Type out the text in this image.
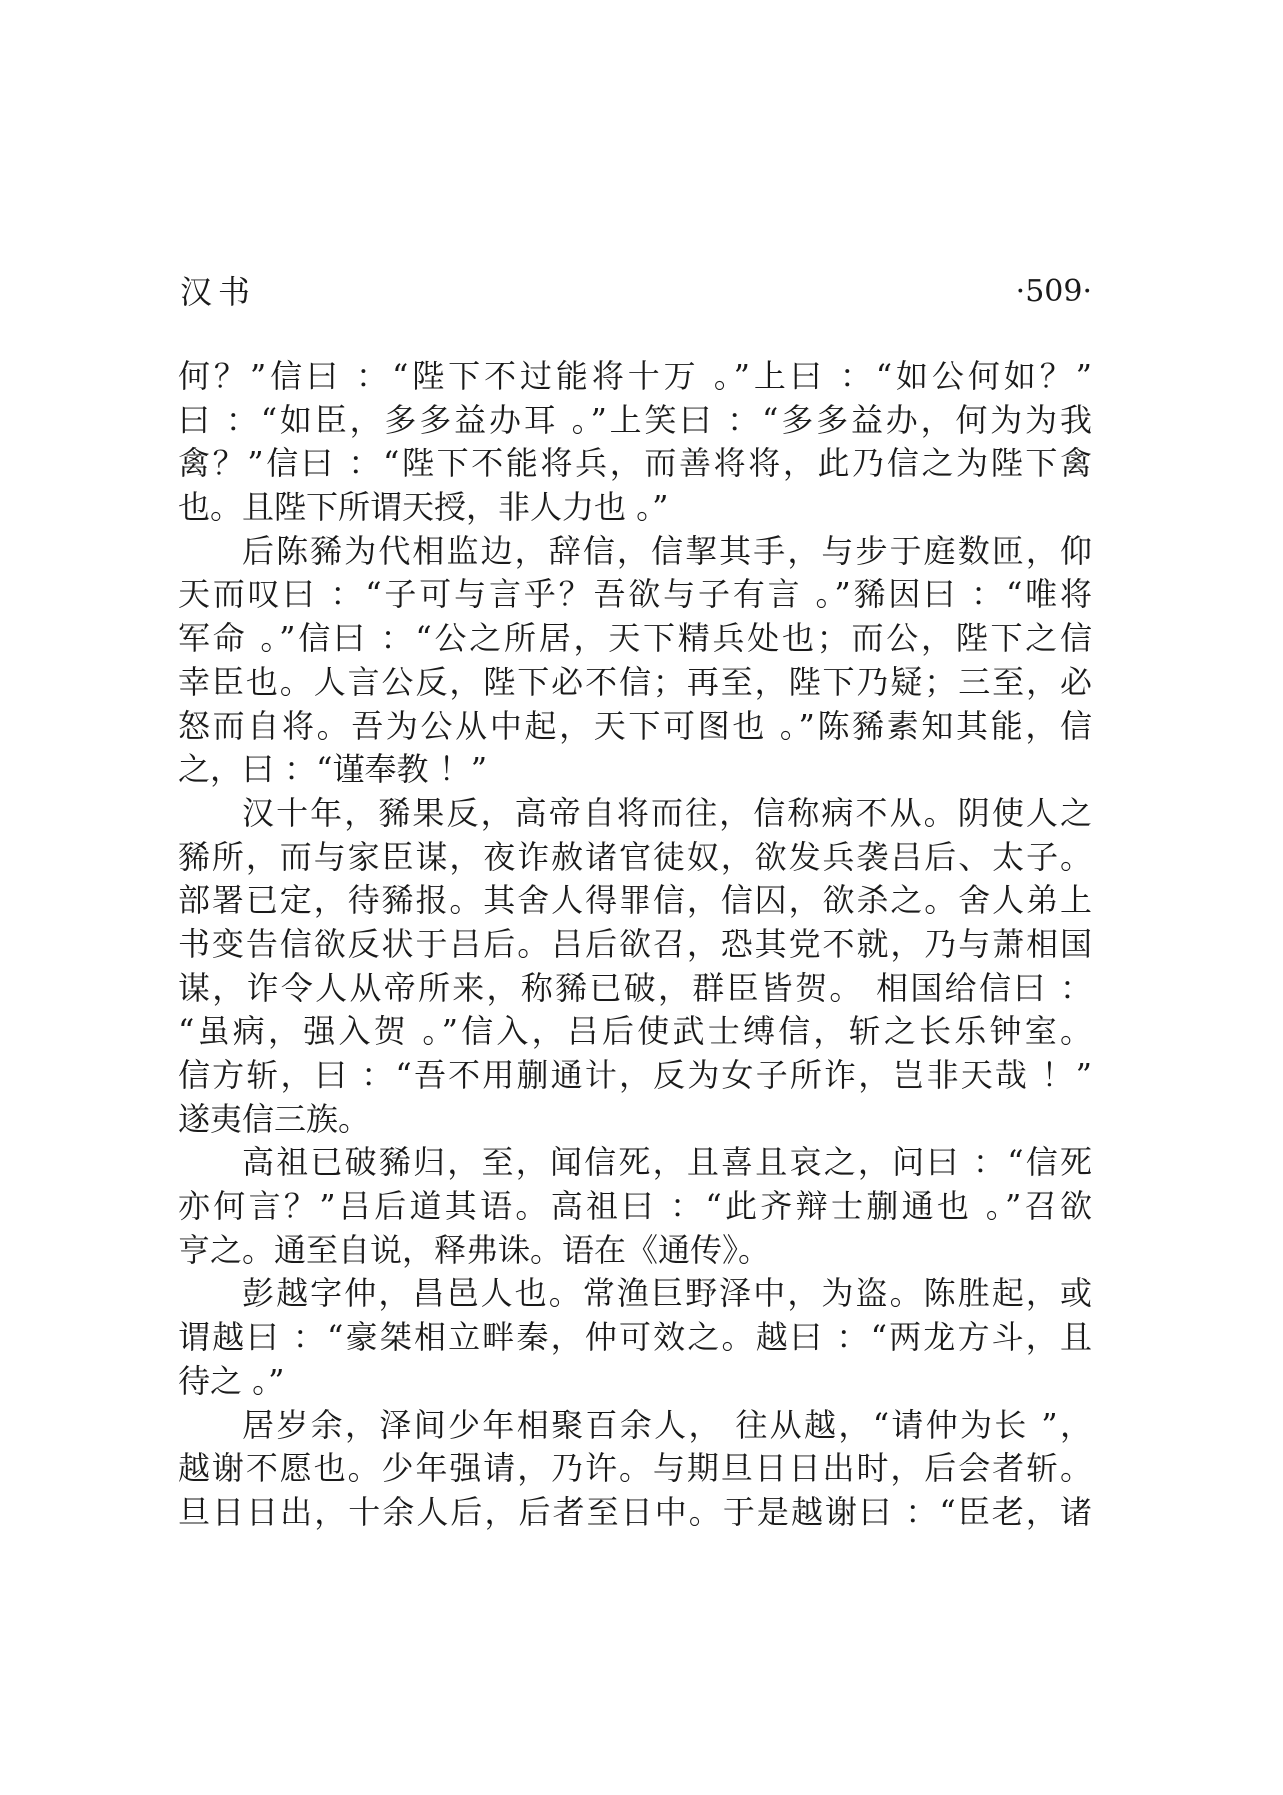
汉书	·509·
何？”信曰 ：“陛下不过能将十万 。”上曰 ：“如公何如？”
曰 ：“如臣，多多益办耳 。”上笑曰 ：“多多益办，何为为我
禽？”信曰 ：“陛下不能将兵，而善将将，此乃信之为陛下禽
也。且陛下所谓天授，非人力也 。”
后陈豨为代相监边，辞信，信挈其手，与步于庭数匝，仰
天而叹曰 ：“子可与言乎？吾欲与子有言 。”豨因曰 ：“唯将
军命 。”信曰 ：“公之所居，天下精兵处也；而公，陛下之信
幸臣也。人言公反，陛下必不信；再至，陛下乃疑；三至，必
怒而自将。吾为公从中起，天下可图也 。”陈豨素知其能，信
之，曰 ：“谨奉教 ！”
汉十年，豨果反，高帝自将而往，信称病不从。阴使人之
豨所，而与家臣谋，夜诈赦诸官徒奴，欲发兵袭吕后、太子。
部署已定，待豨报。其舍人得罪信，信囚，欲杀之。舍人弟上
书变告信欲反状于吕后。吕后欲召，恐其党不就，乃与萧相国
谋，诈令人从帝所来，称豨已破，群臣皆贺。 相国给信曰 ：
“虽病，强入贺 。”信入，吕后使武士缚信，斩之长乐钟室。
信方斩，曰 ：“吾不用蒯通计，反为女子所诈，岂非天哉 ！”
遂夷信三族。
高祖已破豨归，至，闻信死，且喜且哀之，问曰 ：“信死
亦何言？”吕后道其语。高祖曰 ：“此齐辩士蒯通也 。”召欲
亨之。通至自说，释弗诛。语在《通传》。
彭越字仲，昌邑人也。常渔巨野泽中，为盗。陈胜起，或
谓越曰 ：“豪桀相立畔秦，仲可效之。越曰 ：“两龙方斗，且
待之 。”
居岁余，泽间少年相聚百余人， 往从越，“请仲为长 ”，
越谢不愿也。少年强请，乃许。与期旦日日出时，后会者斩。
旦日日出，十余人后，后者至日中。于是越谢曰 ：“臣老，诸
